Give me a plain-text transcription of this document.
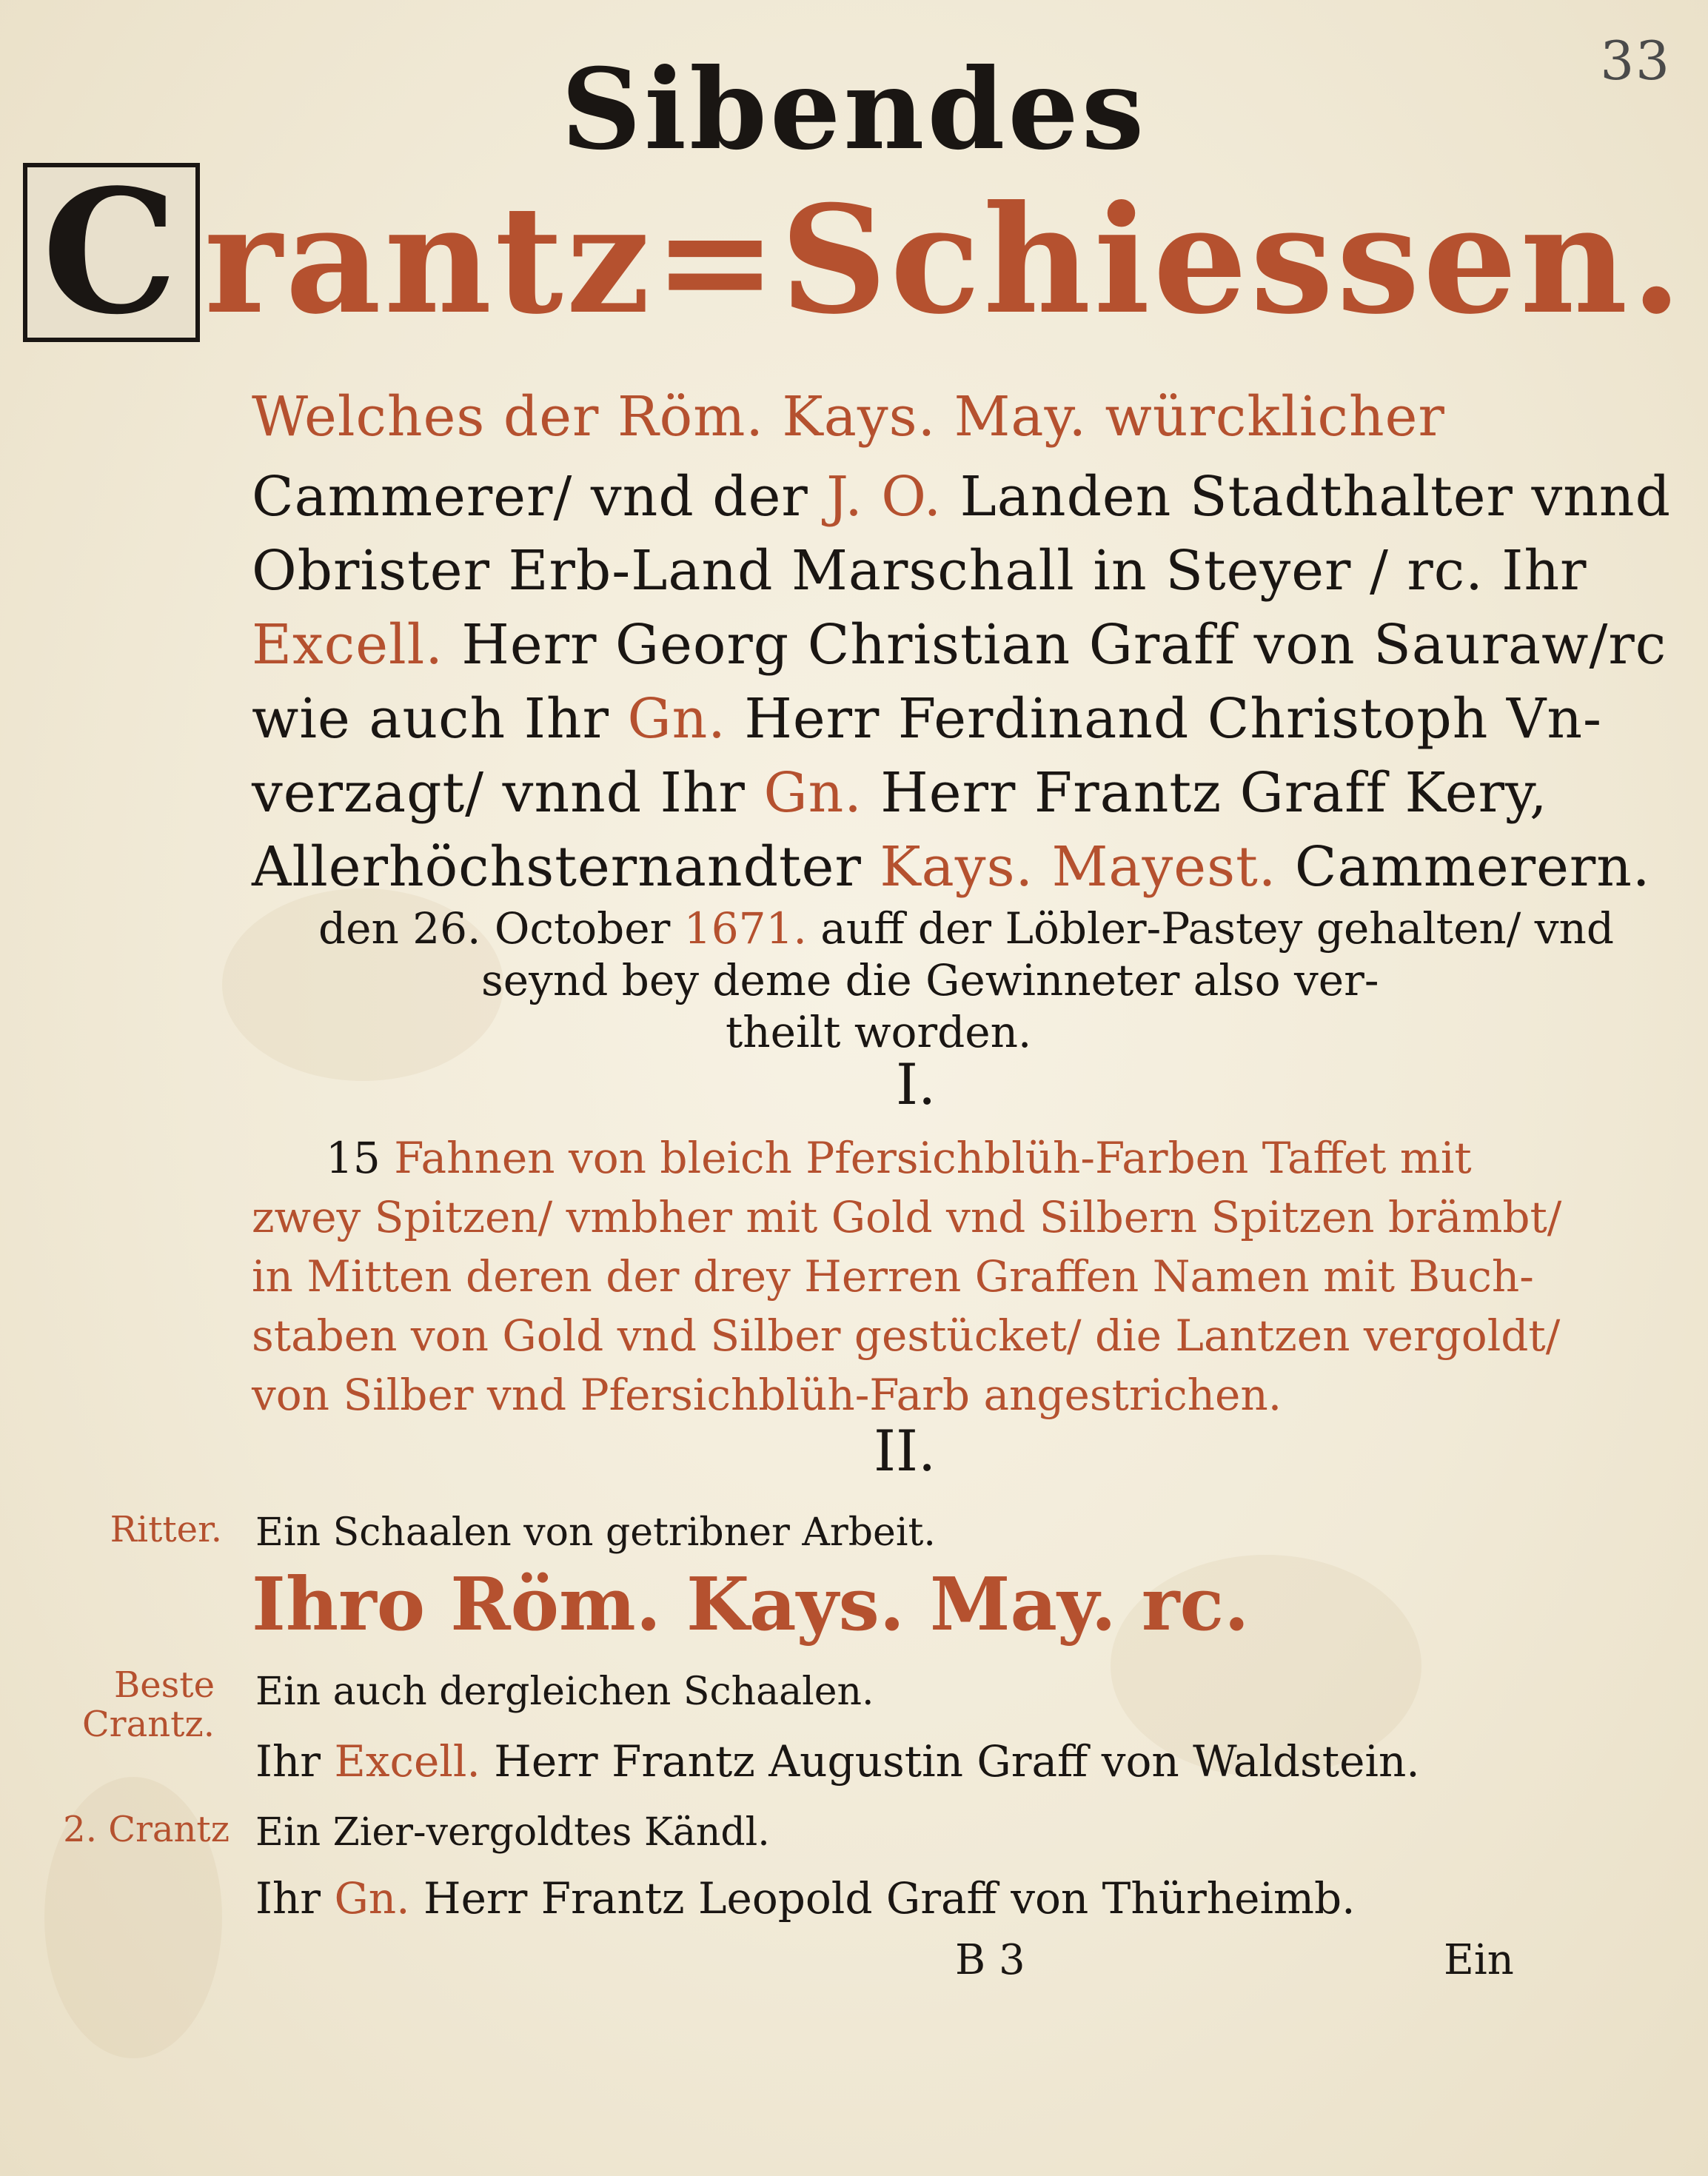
33
Sibendes
C rantz=Schiessen.
Welches der Röm. Kays. May. würcklicher
Cammerer/ vnd der J. O. Landen Stadthalter vnnd
Obrister Erb-Land Marschall in Steyer / rc. Ihr
Excell. Herr Georg Christian Graff von Sauraw/rc
wie auch Ihr Gn. Herr Ferdinand Christoph Vn-
verzagt/ vnnd Ihr Gn. Herr Frantz Graff Kery,
Allerhöchsternandter Kays. Mayest. Cammerern.
den 26. October 1671. auff der Löbler-Pastey gehalten/ vnd
seynd bey deme die Gewinneter also ver-
theilt worden.
I.
15 Fahnen von bleich Pfersichblüh-Farben Taffet mit
zwey Spitzen/ vmbher mit Gold vnd Silbern Spitzen brämbt/
in Mitten deren der drey Herren Graffen Namen mit Buch-
staben von Gold vnd Silber gestücket/ die Lantzen vergoldt/
von Silber vnd Pfersichblüh-Farb angestrichen.
II.
Ritter. Ein Schaalen von getribner Arbeit.
Ihro Röm. Kays. May. rc.
Beste Crantz.
Ein auch dergleichen Schaalen.
Ihr Excell. Herr Frantz Augustin Graff von Waldstein.
2. Crantz Ein Zier-vergoldtes Kändl.
Ihr Gn. Herr Frantz Leopold Graff von Thürheimb.
B 3	Ein
